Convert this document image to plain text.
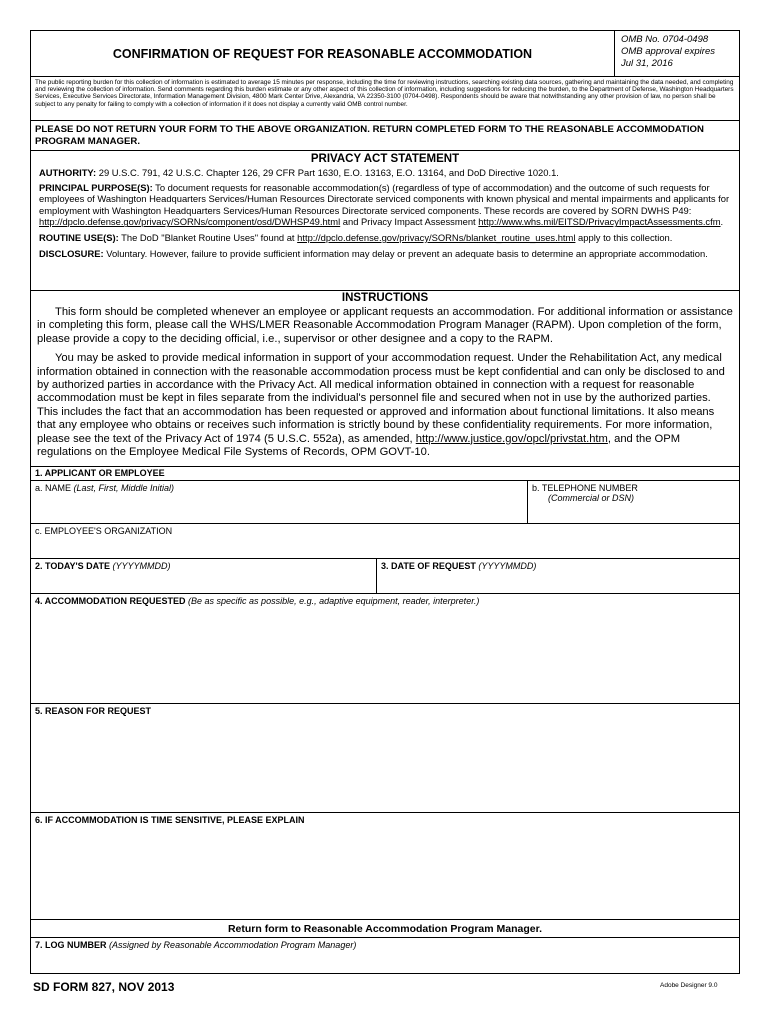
CONFIRMATION OF REQUEST FOR REASONABLE ACCOMMODATION
OMB No. 0704-0498
OMB approval expires
Jul 31, 2016
The public reporting burden for this collection of information is estimated to average 15 minutes per response, including the time for reviewing instructions, searching existing data sources, gathering and maintaining the data needed, and completing and reviewing the collection of information. Send comments regarding this burden estimate or any other aspect of this collection of information, including suggestions for reducing the burden, to the Department of Defense, Washington Headquarters Services, Executive Services Directorate, Information Management Division, 4800 Mark Center Drive, Alexandria, VA 22350-3100 (0704-0498). Respondents should be aware that notwithstanding any other provision of law, no person shall be subject to any penalty for failing to comply with a collection of information if it does not display a currently valid OMB control number.
PLEASE DO NOT RETURN YOUR FORM TO THE ABOVE ORGANIZATION. RETURN COMPLETED FORM TO THE REASONABLE ACCOMMODATION PROGRAM MANAGER.
PRIVACY ACT STATEMENT
AUTHORITY: 29 U.S.C. 791, 42 U.S.C. Chapter 126, 29 CFR Part 1630, E.O. 13163, E.O. 13164, and DoD Directive 1020.1.
PRINCIPAL PURPOSE(S): To document requests for reasonable accommodation(s) (regardless of type of accommodation) and the outcome of such requests for employees of Washington Headquarters Services/Human Resources Directorate serviced components with known physical and mental impairments and applicants for employment with Washington Headquarters Services/Human Resources Directorate serviced components. These records are covered by SORN DWHS P49: http://dpclo.defense.gov/privacy/SORNs/component/osd/DWHSP49.html and Privacy Impact Assessment http://www.whs.mil/EITSD/PrivacyImpactAssessments.cfm.
ROUTINE USE(S): The DoD "Blanket Routine Uses" found at http://dpclo.defense.gov/privacy/SORNs/blanket_routine_uses.html apply to this collection.
DISCLOSURE: Voluntary. However, failure to provide sufficient information may delay or prevent an adequate basis to determine an appropriate accommodation.
INSTRUCTIONS
This form should be completed whenever an employee or applicant requests an accommodation. For additional information or assistance in completing this form, please call the WHS/LMER Reasonable Accommodation Program Manager (RAPM). Upon completion of the form, please provide a copy to the deciding official, i.e., supervisor or other designee and a copy to the RAPM.
You may be asked to provide medical information in support of your accommodation request. Under the Rehabilitation Act, any medical information obtained in connection with the reasonable accommodation process must be kept confidential and can only be disclosed to and by authorized parties in accordance with the Privacy Act. All medical information obtained in connection with a request for reasonable accommodation must be kept in files separate from the individual's personnel file and secured when not in use by the authorized parties. This includes the fact that an accommodation has been requested or approved and information about functional limitations. It also means that any employee who obtains or receives such information is strictly bound by these confidentiality requirements. For more information, please see the text of the Privacy Act of 1974 (5 U.S.C. 552a), as amended, http://www.justice.gov/opcl/privstat.htm, and the OPM regulations on the Employee Medical File Systems of Records, OPM GOVT-10.
1. APPLICANT OR EMPLOYEE
a. NAME (Last, First, Middle Initial)	b. TELEPHONE NUMBER
(Commercial or DSN)
c. EMPLOYEE'S ORGANIZATION
2. TODAY'S DATE (YYYYMMDD)	3. DATE OF REQUEST (YYYYMMDD)
4. ACCOMMODATION REQUESTED (Be as specific as possible, e.g., adaptive equipment, reader, interpreter.)
5. REASON FOR REQUEST
6. IF ACCOMMODATION IS TIME SENSITIVE, PLEASE EXPLAIN
Return form to Reasonable Accommodation Program Manager.
7. LOG NUMBER (Assigned by Reasonable Accommodation Program Manager)
SD FORM 827, NOV 2013	Adobe Designer 9.0
